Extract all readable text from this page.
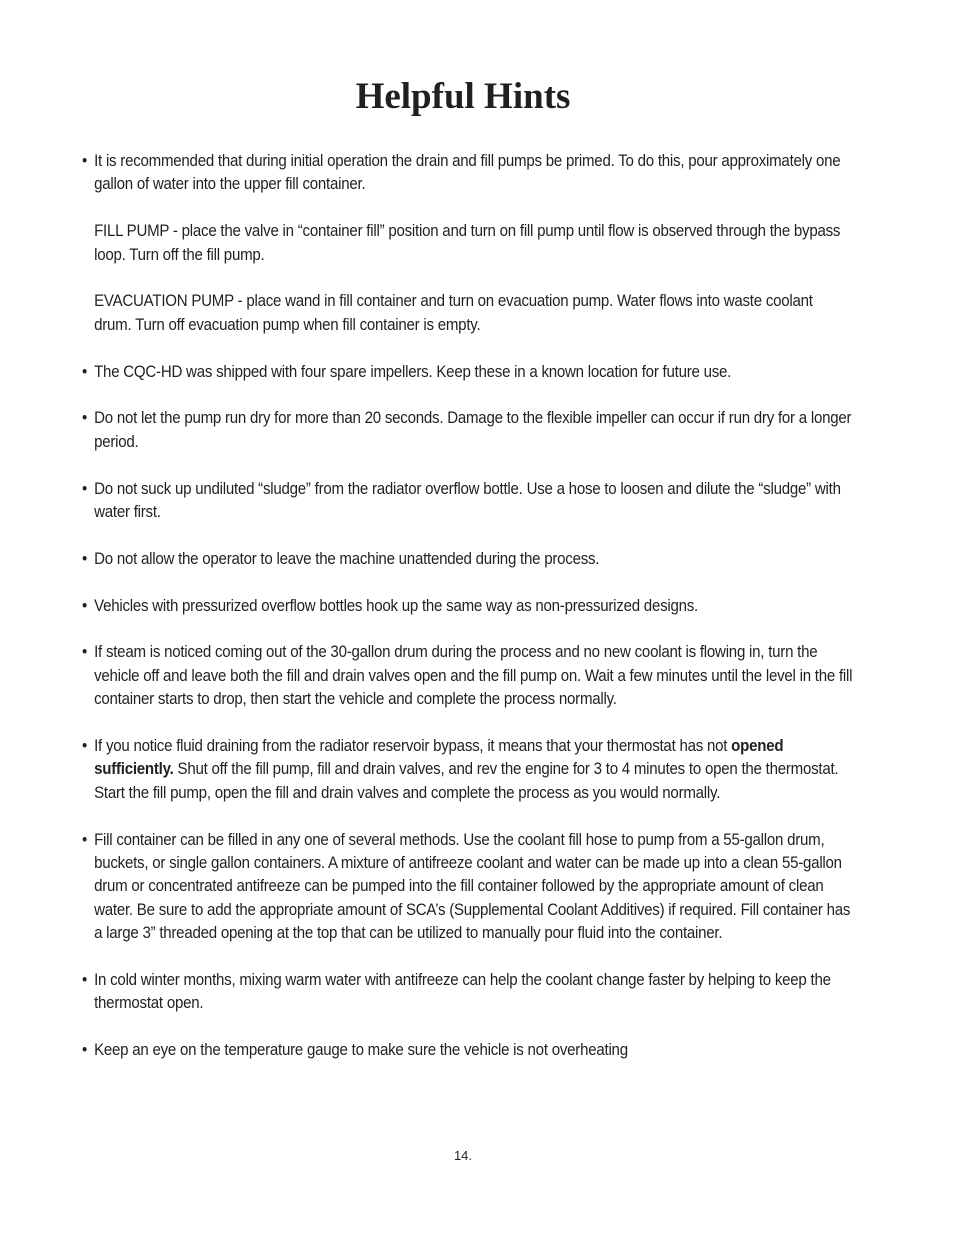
Helpful Hints
• It is recommended that during initial operation the drain and fill pumps be primed. To do this, pour approximately one gallon of water into the upper fill container.
FILL PUMP - place the valve in “container fill” position and turn on fill pump until flow is observed through the bypass loop. Turn off the fill pump.
EVACUATION PUMP - place wand in fill container and turn on evacuation pump. Water flows into waste coolant drum. Turn off evacuation pump when fill container is empty.
• The CQC-HD was shipped with four spare impellers. Keep these in a known location for future use.
• Do not let the pump run dry for more than 20 seconds. Damage to the flexible impeller can occur if run dry for a longer period.
• Do not suck up undiluted “sludge” from the radiator overflow bottle. Use a hose to loosen and dilute the “sludge” with water first.
• Do not allow the operator to leave the machine unattended during the process.
• Vehicles with pressurized overflow bottles hook up the same way as non-pressurized designs.
• If steam is noticed coming out of the 30-gallon drum during the process and no new coolant is flowing in, turn the vehicle off and leave both the fill and drain valves open and the fill pump on. Wait a few minutes until the level in the fill container starts to drop, then start the vehicle and complete the process normally.
• If you notice fluid draining from the radiator reservoir bypass, it means that your thermostat has not opened sufficiently. Shut off the fill pump, fill and drain valves, and rev the engine for 3 to 4 minutes to open the thermostat. Start the fill pump, open the fill and drain valves and complete the process as you would normally.
• Fill container can be filled in any one of several methods. Use the coolant fill hose to pump from a 55-gallon drum, buckets, or single gallon containers. A mixture of antifreeze coolant and water can be made up into a clean 55-gallon drum or concentrated antifreeze can be pumped into the fill container followed by the appropriate amount of clean water. Be sure to add the appropriate amount of SCA’s (Supplemental Coolant Additives) if required. Fill container has a large 3” threaded opening at the top that can be utilized to manually pour fluid into the container.
• In cold winter months, mixing warm water with antifreeze can help the coolant change faster by helping to keep the thermostat open.
• Keep an eye on the temperature gauge to make sure the vehicle is not overheating
14.
